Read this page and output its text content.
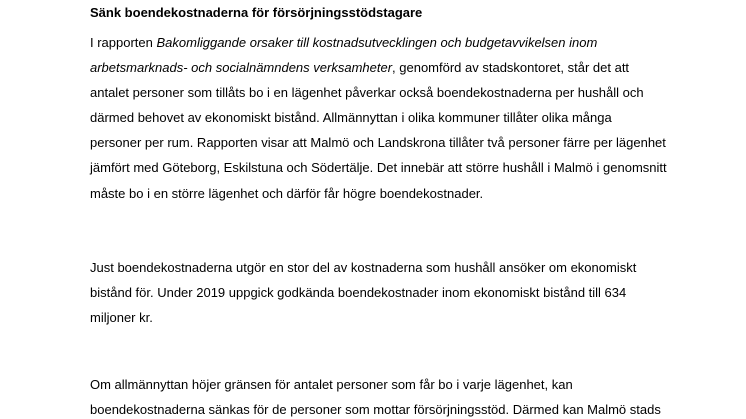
Sänk boendekostnaderna för försörjningsstödstagare
I rapporten Bakomliggande orsaker till kostnadsutvecklingen och budgetavvikelsen inom
arbetsmarknads- och socialnämndens verksamheter, genomförd av stadskontoret, står det att
antalet personer som tillåts bo i en lägenhet påverkar också boendekostnaderna per hushåll och
därmed behovet av ekonomiskt bistånd. Allmännyttan i olika kommuner tillåter olika många
personer per rum. Rapporten visar att Malmö och Landskrona tillåter två personer färre per lägenhet
jämfört med Göteborg, Eskilstuna och Södertälje. Det innebär att större hushåll i Malmö i genomsnitt
måste bo i en större lägenhet och därför får högre boendekostnader.
Just boendekostnaderna utgör en stor del av kostnaderna som hushåll ansöker om ekonomiskt
bistånd för. Under 2019 uppgick godkända boendekostnader inom ekonomiskt bistånd till 634
miljoner kr.
Om allmännyttan höjer gränsen för antalet personer som får bo i varje lägenhet, kan
boendekostnaderna sänkas för de personer som mottar försörjningsstöd. Därmed kan Malmö stads
